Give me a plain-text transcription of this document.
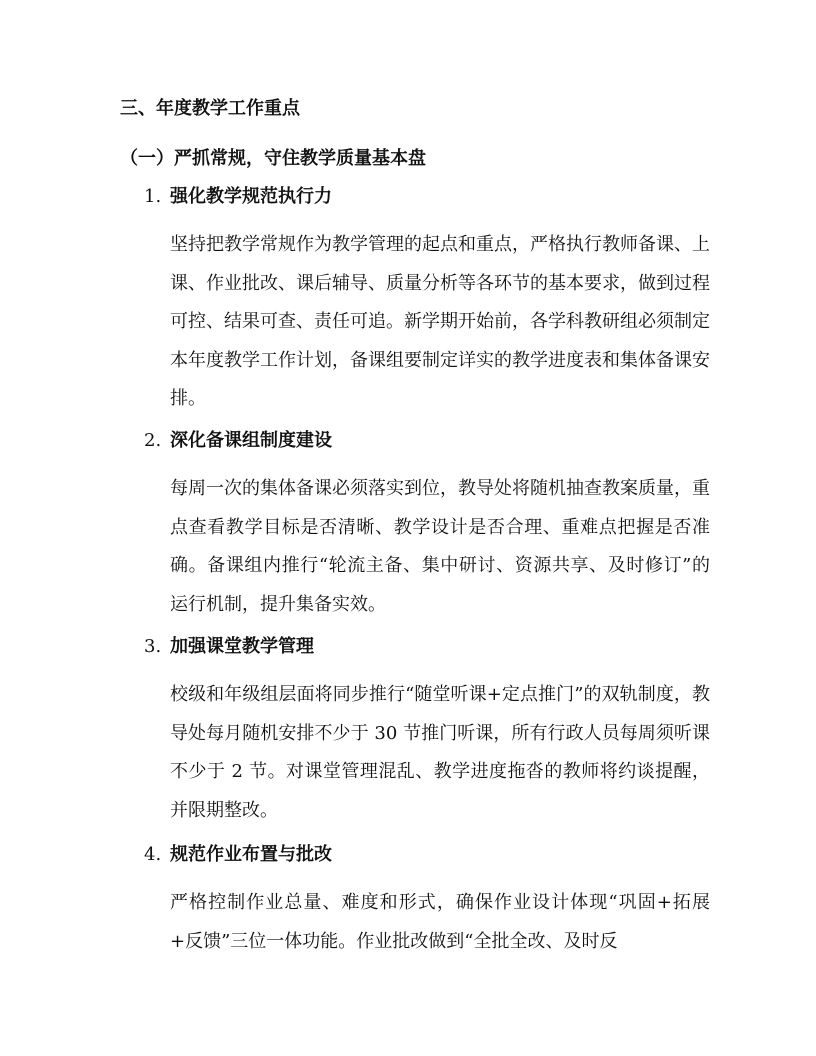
三、年度教学工作重点
（一）严抓常规，守住教学质量基本盘
1. 强化教学规范执行力

坚持把教学常规作为教学管理的起点和重点，严格执行教师备课、上课、作业批改、课后辅导、质量分析等各环节的基本要求，做到过程可控、结果可查、责任可追。新学期开始前，各学科教研组必须制定本年度教学工作计划，备课组要制定详实的教学进度表和集体备课安排。

2. 深化备课组制度建设

每周一次的集体备课必须落实到位，教导处将随机抽查教案质量，重点查看教学目标是否清晰、教学设计是否合理、重难点把握是否准确。备课组内推行“轮流主备、集中研讨、资源共享、及时修订”的运行机制，提升集备实效。

3. 加强课堂教学管理

校级和年级组层面将同步推行“随堂听课+定点推门”的双轨制度，教导处每月随机安排不少于 30 节推门听课，所有行政人员每周须听课不少于 2 节。对课堂管理混乱、教学进度拖沓的教师将约谈提醒，并限期整改。

4. 规范作业布置与批改

严格控制作业总量、难度和形式，确保作业设计体现“巩固+拓展+反馈”三位一体功能。作业批改做到“全批全改、及时反
